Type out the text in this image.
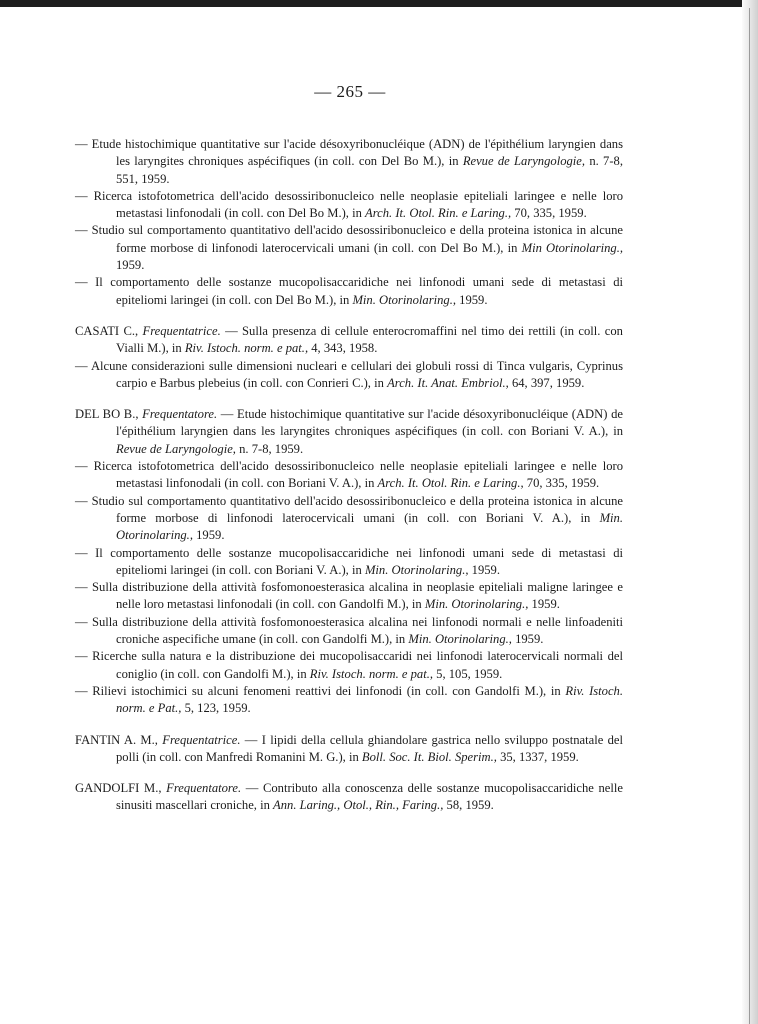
— 265 —
— Etude histochimique quantitative sur l'acide désoxyribonucléique (ADN) de l'épithélium laryngien dans les laryngites chroniques aspécifiques (in coll. con Del Bo M.), in Revue de Laryngologie, n. 7-8, 551, 1959.
— Ricerca istofotometrica dell'acido desossiribonucleico nelle neoplasie epiteliali laringee e nelle loro metastasi linfonodali (in coll. con Del Bo M.), in Arch. It. Otol. Rin. e Laring., 70, 335, 1959.
— Studio sul comportamento quantitativo dell'acido desossiribonucleico e della proteina istonica in alcune forme morbose di linfonodi laterocervicali umani (in coll. con Del Bo M.), in Min Otorinolaring., 1959.
— Il comportamento delle sostanze mucopolisaccaridiche nei linfonodi umani sede di metastasi di epiteliomi laringei (in coll. con Del Bo M.), in Min. Otorinolaring., 1959.
CASATI C., Frequentatrice. — Sulla presenza di cellule enterocromaffini nel timo dei rettili (in coll. con Vialli M.), in Riv. Istoch. norm. e pat., 4, 343, 1958.
— Alcune considerazioni sulle dimensioni nucleari e cellulari dei globuli rossi di Tinca vulgaris, Cyprinus carpio e Barbus plebeius (in coll. con Conrieri C.), in Arch. It. Anat. Embriol., 64, 397, 1959.
DEL BO B., Frequentatore. — Etude histochimique quantitative sur l'acide désoxyribonucléique (ADN) de l'épithélium laryngien dans les laryngites chroniques aspécifiques (in coll. con Boriani V. A.), in Revue de Laryngologie, n. 7-8, 1959.
— Ricerca istofotometrica dell'acido desossiribonucleico nelle neoplasie epiteliali laringee e nelle loro metastasi linfonodali (in coll. con Boriani V. A.), in Arch. It. Otol. Rin. e Laring., 70, 335, 1959.
— Studio sul comportamento quantitativo dell'acido desossiribonucleico e della proteina istonica in alcune forme morbose di linfonodi laterocervicali umani (in coll. con Boriani V. A.), in Min. Otorinolaring., 1959.
— Il comportamento delle sostanze mucopolisaccaridiche nei linfonodi umani sede di metastasi di epiteliomi laringei (in coll. con Boriani V. A.), in Min. Otorinolaring., 1959.
— Sulla distribuzione della attività fosfomonoesterasica alcalina in neoplasie epiteliali maligne laringee e nelle loro metastasi linfonodali (in coll. con Gandolfi M.), in Min. Otorinolaring., 1959.
— Sulla distribuzione della attività fosfomonoesterasica alcalina nei linfonodi normali e nelle linfoadeniti croniche aspecifiche umane (in coll. con Gandolfi M.), in Min. Otorinolaring., 1959.
— Ricerche sulla natura e la distribuzione dei mucopolisaccaridi nei linfonodi laterocervicali normali del coniglio (in coll. con Gandolfi M.), in Riv. Istoch. norm. e pat., 5, 105, 1959.
— Rilievi istochimici su alcuni fenomeni reattivi dei linfonodi (in coll. con Gandolfi M.), in Riv. Istoch. norm. e Pat., 5, 123, 1959.
FANTIN A. M., Frequentatrice. — I lipidi della cellula ghiandolare gastrica nello sviluppo postnatale del polli (in coll. con Manfredi Romanini M. G.), in Boll. Soc. It. Biol. Sperim., 35, 1337, 1959.
GANDOLFI M., Frequentatore. — Contributo alla conoscenza delle sostanze mucopolisaccaridiche nelle sinusiti mascellari croniche, in Ann. Laring., Otol., Rin., Faring., 58, 1959.
